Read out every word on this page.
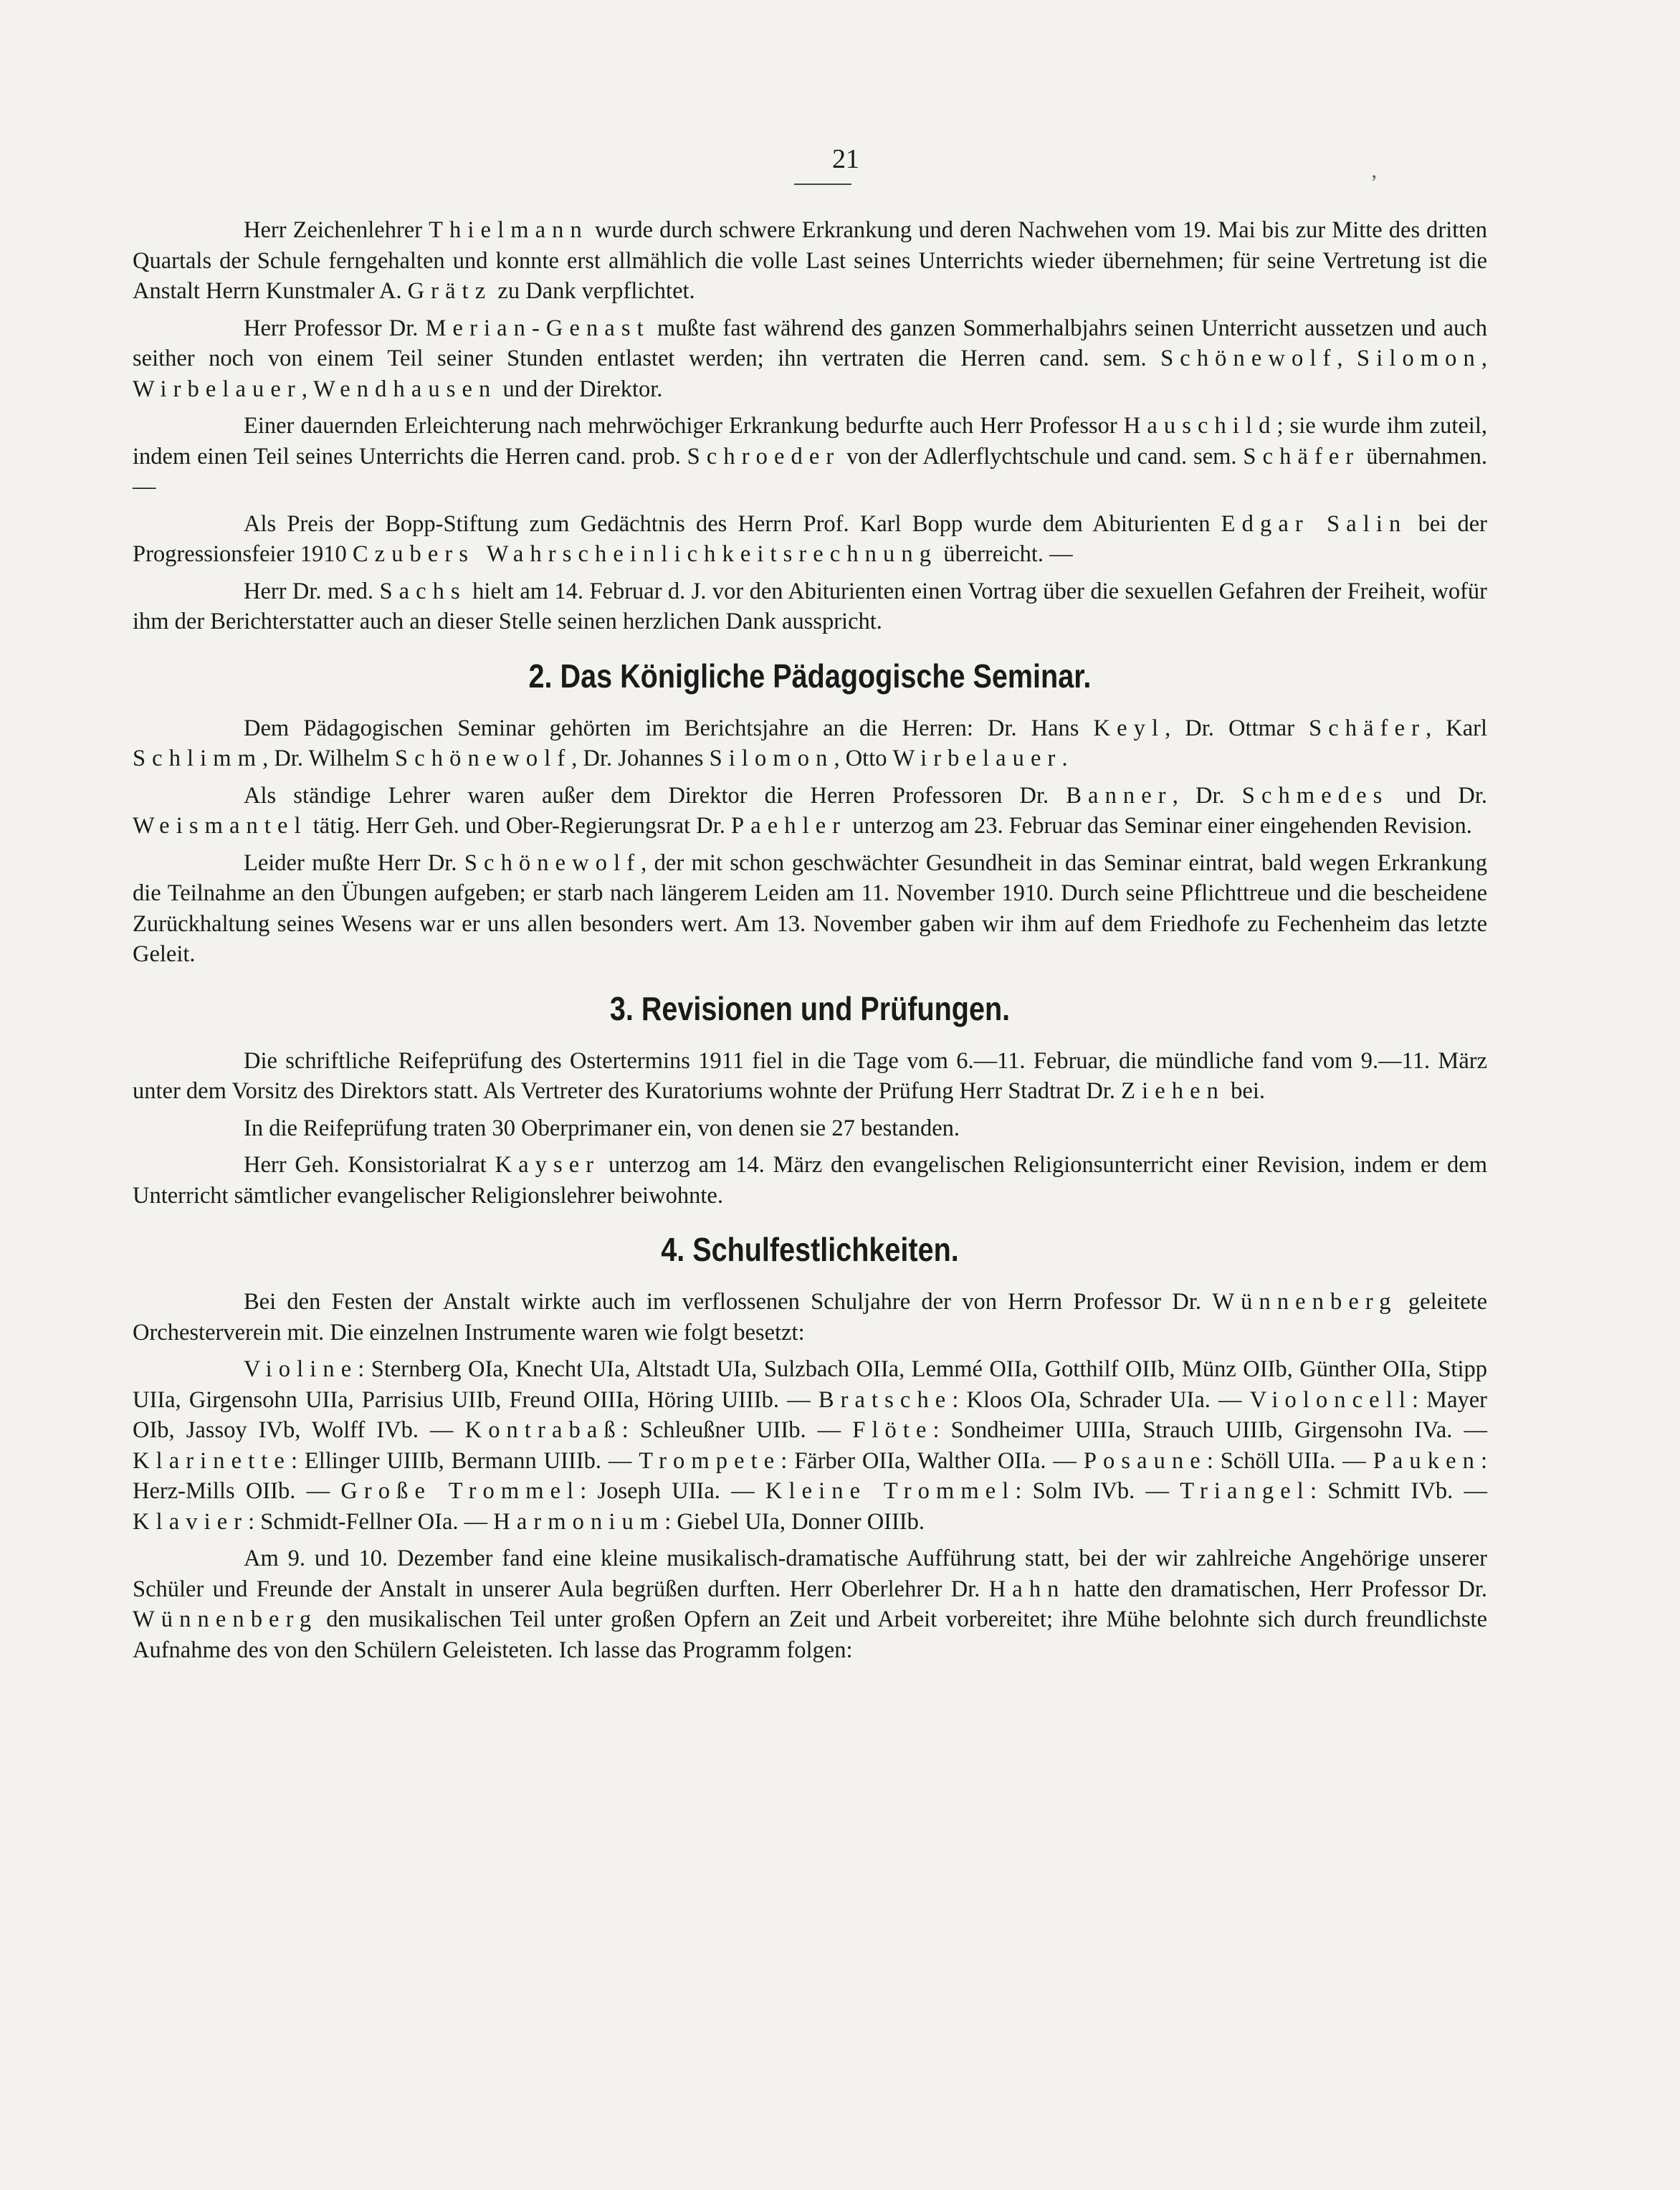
21
’

Herr Zeichenlehrer Thielmann wurde durch schwere Erkrankung und deren Nachwehen vom 19. Mai bis zur Mitte des dritten Quartals der Schule ferngehalten und konnte erst allmählich die volle Last seines Unterrichts wieder übernehmen; für seine Vertretung ist die Anstalt Herrn Kunstmaler A. Grätz zu Dank verpflichtet.

Herr Professor Dr. Merian-Genast mußte fast während des ganzen Sommerhalbjahrs seinen Unterricht aussetzen und auch seither noch von einem Teil seiner Stunden entlastet werden; ihn vertraten die Herren cand. sem. Schönewolf, Silomon, Wirbelauer, Wendhausen und der Direktor.

Einer dauernden Erleichterung nach mehrwöchiger Erkrankung bedurfte auch Herr Professor Hauschild; sie wurde ihm zuteil, indem einen Teil seines Unterrichts die Herren cand. prob. Schroeder von der Adlerflychtschule und cand. sem. Schäfer übernahmen. —

Als Preis der Bopp-Stiftung zum Gedächtnis des Herrn Prof. Karl Bopp wurde dem Abiturienten Edgar Salin bei der Progressionsfeier 1910 Czubers Wahrscheinlichkeitsrechnung überreicht. —

Herr Dr. med. Sachs hielt am 14. Februar d. J. vor den Abiturienten einen Vortrag über die sexuellen Gefahren der Freiheit, wofür ihm der Berichterstatter auch an dieser Stelle seinen herzlichen Dank ausspricht.

2. Das Königliche Pädagogische Seminar.

Dem Pädagogischen Seminar gehörten im Berichtsjahre an die Herren: Dr. Hans Keyl, Dr. Ottmar Schäfer, Karl Schlimm, Dr. Wilhelm Schönewolf, Dr. Johannes Silomon, Otto Wirbelauer.

Als ständige Lehrer waren außer dem Direktor die Herren Professoren Dr. Banner, Dr. Schmedes und Dr. Weismantel tätig. Herr Geh. und Ober-Regierungsrat Dr. Paehler unterzog am 23. Februar das Seminar einer eingehenden Revision.

Leider mußte Herr Dr. Schönewolf, der mit schon geschwächter Gesundheit in das Seminar eintrat, bald wegen Erkrankung die Teilnahme an den Übungen aufgeben; er starb nach längerem Leiden am 11. November 1910. Durch seine Pflichttreue und die bescheidene Zurückhaltung seines Wesens war er uns allen besonders wert. Am 13. November gaben wir ihm auf dem Friedhofe zu Fechenheim das letzte Geleit.

3. Revisionen und Prüfungen.

Die schriftliche Reifeprüfung des Ostertermins 1911 fiel in die Tage vom 6.—11. Februar, die mündliche fand vom 9.—11. März unter dem Vorsitz des Direktors statt. Als Vertreter des Kuratoriums wohnte der Prüfung Herr Stadtrat Dr. Ziehen bei.

In die Reifeprüfung traten 30 Oberprimaner ein, von denen sie 27 bestanden.

Herr Geh. Konsistorialrat Kayser unterzog am 14. März den evangelischen Religionsunterricht einer Revision, indem er dem Unterricht sämtlicher evangelischer Religionslehrer beiwohnte.

4. Schulfestlichkeiten.

Bei den Festen der Anstalt wirkte auch im verflossenen Schuljahre der von Herrn Professor Dr. Wünnenberg geleitete Orchesterverein mit. Die einzelnen Instrumente waren wie folgt besetzt:

Violine: Sternberg OIa, Knecht UIa, Altstadt UIa, Sulzbach OIIa, Lemmé OIIa, Gotthilf OIIb, Münz OIIb, Günther OIIa, Stipp UIIa, Girgensohn UIIa, Parrisius UIIb, Freund OIIIa, Höring UIIIb. — Bratsche: Kloos OIa, Schrader UIa. — Violoncell: Mayer OIb, Jassoy IVb, Wolff IVb. — Kontrabaß: Schleußner UIIb. — Flöte: Sondheimer UIIIa, Strauch UIIIb, Girgensohn IVa. — Klarinette: Ellinger UIIIb, Bermann UIIIb. — Trompete: Färber OIIa, Walther OIIa. — Posaune: Schöll UIIa. — Pauken: Herz-Mills OIIb. — Große Trommel: Joseph UIIa. — Kleine Trommel: Solm IVb. — Triangel: Schmitt IVb. — Klavier: Schmidt-Fellner OIa. — Harmonium: Giebel UIa, Donner OIIIb.

Am 9. und 10. Dezember fand eine kleine musikalisch-dramatische Aufführung statt, bei der wir zahlreiche Angehörige unserer Schüler und Freunde der Anstalt in unserer Aula begrüßen durften. Herr Oberlehrer Dr. Hahn hatte den dramatischen, Herr Professor Dr. Wünnenberg den musikalischen Teil unter großen Opfern an Zeit und Arbeit vorbereitet; ihre Mühe belohnte sich durch freundlichste Aufnahme des von den Schülern Geleisteten. Ich lasse das Programm folgen:
